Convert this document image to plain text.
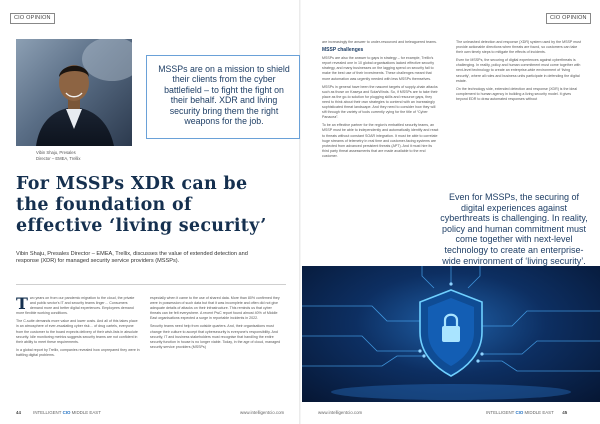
CIO OPINION	CIO OPINION
Vibin Shaju, Presales
Director – EMEA, Trellix
MSSPs are on a mission to shield their clients from the cyber battlefield – to fight the fight on their behalf. XDR and living security bring them the right weapons for the job.
For MSSPs XDR can be the foundation of effective ‘living security’
Vibin Shaju, Presales Director – EMEA, Trellix, discusses the value of extended detection and response (XDR) for managed security service providers (MSSPs).

Two years on from our pandemic migration to the cloud, the private and public sector's IT and security teams linger… Consumers demand more and better digital experiences. Employees demand more flexible working conditions.

The C-suite demands more value and lower costs. And all of this takes place in an atmosphere of ever-escalating cyber risk… of drug cartels, everyone from the customer to the board expects delivery of their wish-lists in absolute security. Idle monitoring metrics suggests security teams are not confident in their ability to meet these requirements.

In a global report by Trellix, companies revealed how unprepared they were in battling digital problems.

especially when it came to the use of shared data. More than 80% confirmed they were in possession of such data but that it was incomplete and often did not give adequate details of attacks on their infrastructure. This reminds us that cyber threats can be felt everywhere. A recent PwC report found almost 40% of Middle East organisations expected a surge in reportable incidents in 2022.

Security teams need help from outside quarters. And, their organisations must change their culture to accept that cybersecurity is everyone's responsibility. And security, IT and business stakeholders must recognise that handling the entire security function in house is no longer viable. Today, in the age of cloud, managed security service providers (MSSPs)

are increasingly the answer to under-resourced and beleaguered teams.

MSSP challenges

MSSPs are also the answer to gaps in strategy – for example, Trellix's report revealed one in 10 global organisations lacked effective security strategy, and many businesses on the lagging spend on security fail to make the best use of their investments. These challenges meant that more automation was urgently needed with less MSSPs themselves.

MSSPs in general have been the nascent targets of supply-chain attacks such as those on Kaseya and SolarWinds. So, if MSSPs are to take their place as the go-to solution for plugging skills and resource gaps, they need to think about their own strategies to contend with an increasingly sophisticated threat landscape. And they need to consider how they will sift through the variety of tools currently vying for the title of “Cyber Panacea”.

To be an effective partner for the region's embattled security teams, an MSSP must be able to independently and automatically identify and react to threats without constant SOAR integration. It must be able to correlate huge streams of telemetry in real time and customer-facing systems are protected from advanced persistent threats (APT). And it must hire its third party threat assessments that are made available to the end customer.

The unleashed detection and response (XDR) system used by the MSSP must provide actionable directions when threats are found, so customers can take their own timely steps to mitigate the effects of incidents.

Even for MSSPs, the securing of digital experiences against cyberthreats is challenging. In reality, policy and human commitment must come together with next-level technology to create an enterprise-wide environment of ‘living security’, where all roles and business units participate in defending the digital estate.

On the technology side, extended detection and response (XDR) is the ideal complement to human agency in building a living security model. It gives beyond EDR to draw automated responses without

Even for MSSPs, the securing of digital experiences against cyberthreats is challenging. In reality, policy and human commitment must come together with next-level technology to create an enterprise-wide environment of ‘living security’.
44	INTELLIGENT CIO MIDDLE EAST	www.intelligentcio.com	www.intelligentcio.com	INTELLIGENT CIO MIDDLE EAST 45
